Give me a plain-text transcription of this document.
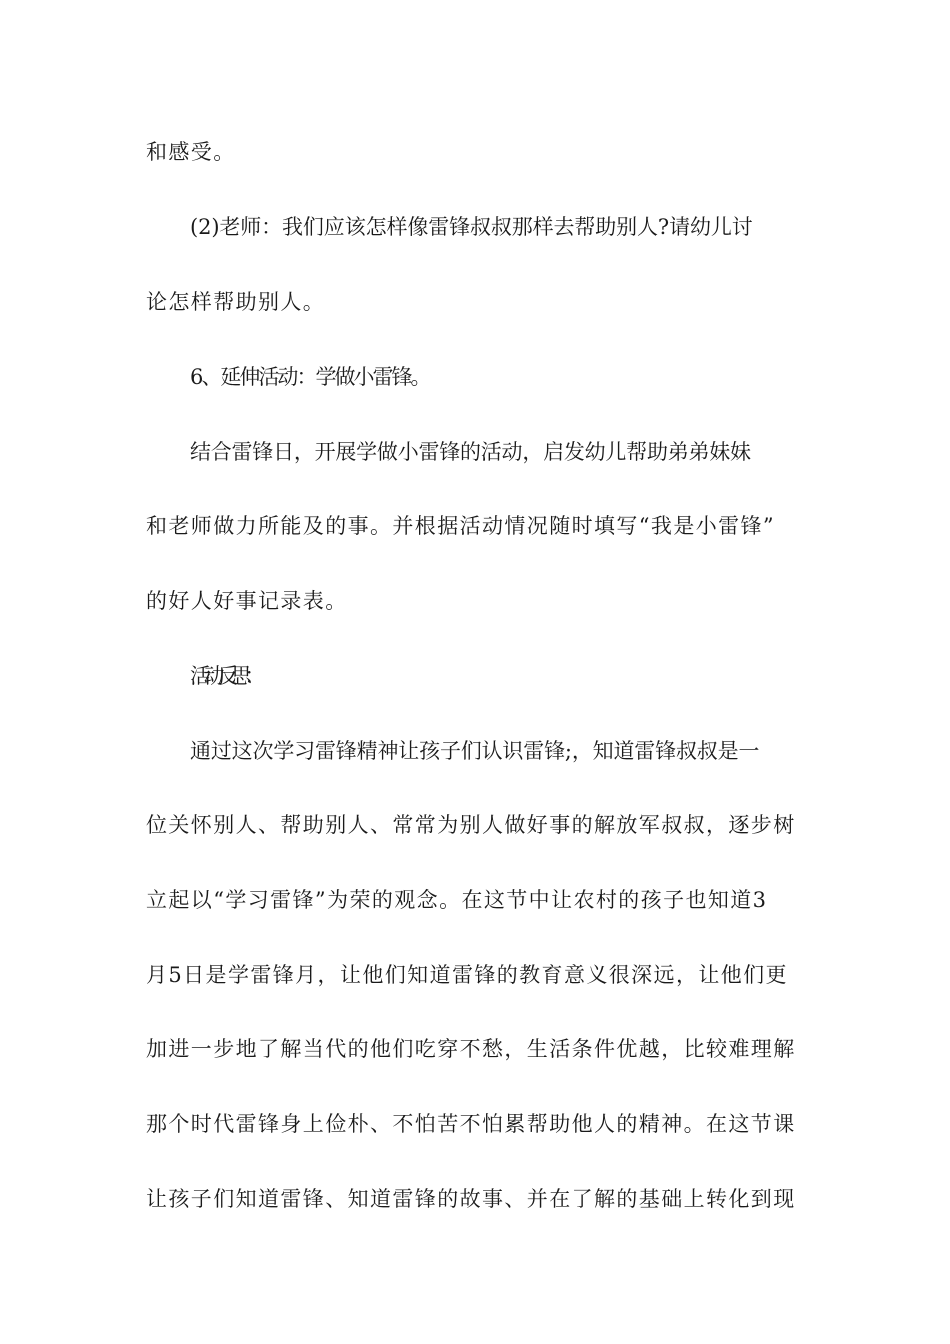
和感受。
(2)老师：我们应该怎样像雷锋叔叔那样去帮助别人?请幼儿讨
论怎样帮助别人。
6、延伸活动：学做小雷锋。
结合雷锋日，开展学做小雷锋的活动，启发幼儿帮助弟弟妹妹
和老师做力所能及的事。并根据活动情况随时填写“我是小雷锋”
的好人好事记录表。
活动反思：
通过这次学习雷锋精神让孩子们认识雷锋;，知道雷锋叔叔是一
位关怀别人、帮助别人、常常为别人做好事的解放军叔叔，逐步树
立起以“学习雷锋”为荣的观念。在这节中让农村的孩子也知道3
月5日是学雷锋月，让他们知道雷锋的教育意义很深远，让他们更
加进一步地了解当代的他们吃穿不愁，生活条件优越，比较难理解
那个时代雷锋身上俭朴、不怕苦不怕累帮助他人的精神。在这节课
让孩子们知道雷锋、知道雷锋的故事、并在了解的基础上转化到现
